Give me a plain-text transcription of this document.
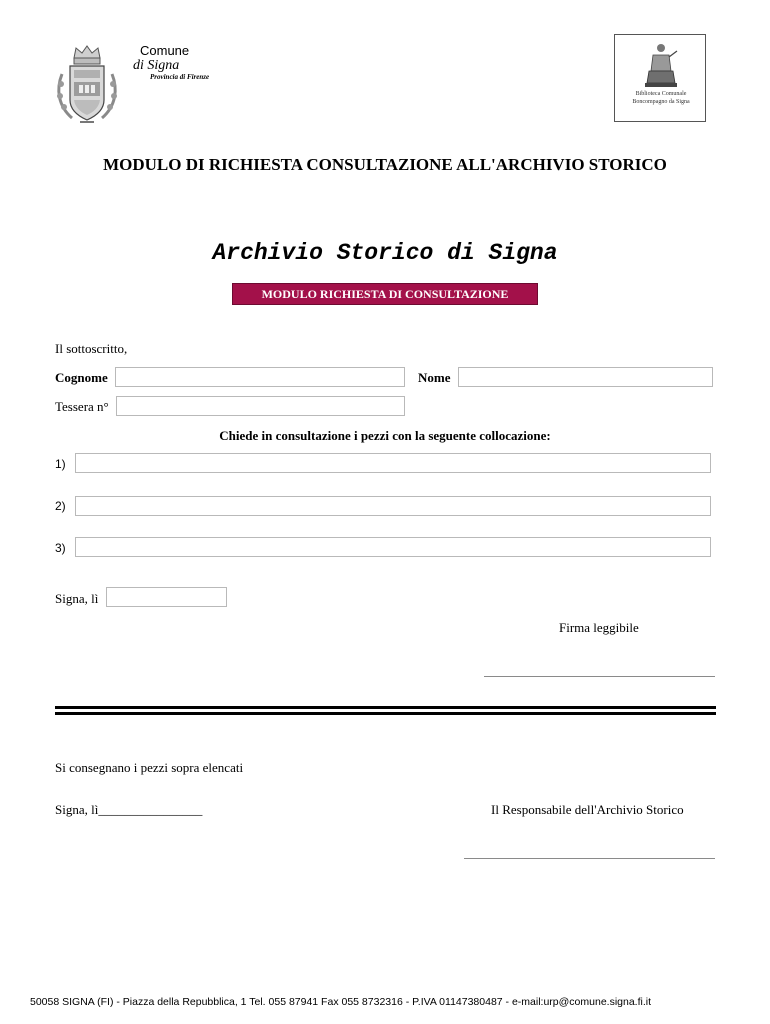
Comune
di Signa
Provincia di Firenze
Biblioteca Comunale Boncompagno da Signa
MODULO DI RICHIESTA CONSULTAZIONE ALL'ARCHIVIO STORICO
Archivio Storico di Signa
MODULO RICHIESTA DI CONSULTAZIONE
Il sottoscritto,
Cognome	Nome
Tessera n°
Chiede in consultazione i pezzi con la seguente collocazione:
1)
2)
3)
Signa, lì
Firma leggibile
Si consegnano i pezzi sopra elencati
Signa, lì________________	Il Responsabile dell'Archivio Storico
50058 SIGNA (FI) - Piazza della Repubblica, 1 Tel. 055 87941 Fax 055 8732316 - P.IVA 01147380487 - e-mail:urp@comune.signa.fi.it
